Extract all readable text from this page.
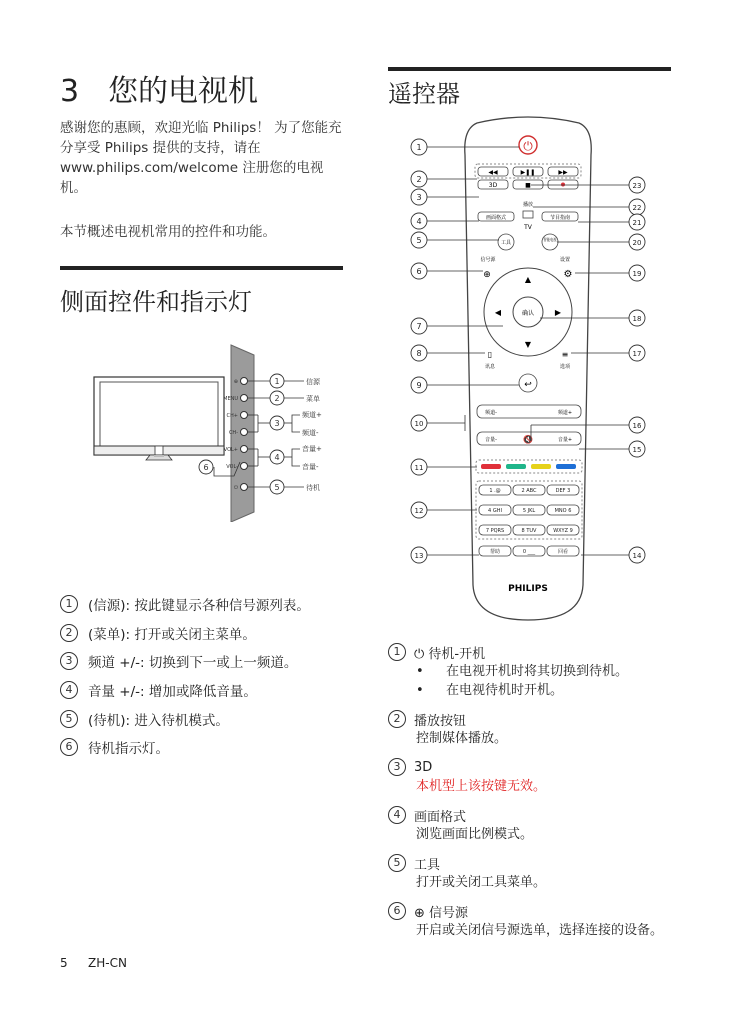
3 您的电视机
感谢您的惠顾，欢迎光临 Philips！ 为了您能充分享受 Philips 提供的支持，请在 www.philips.com/welcome 注册您的电视机。
本节概述电视机常用的控件和功能。
侧面控件和指示灯
⊕
MENU
CH+
CH-
VOL+
VOL-
⏻
1
2
3
4
5
6
信源
菜单
频道+
频道-
音量+
音量-
待机
1	(信源): 按此键显示各种信号源列表。
2	(菜单): 打开或关闭主菜单。
3	频道 +/-: 切换到下一或上一频道。
4	音量 +/-: 增加或降低音量。
5	(待机): 进入待机模式。
6	待机指示灯。
遥控器
⏻
◀◀	▶❚❚	▶▶
3D	■
播放
画面格式	节目指南
TV
工具
智能电视
信号源	设置
⊕	⚙
确认
▲
▼
◀	▶
▯	≡
讯息	选项
↩
频道-	频道+
音量-	音量+
🔇
1 .@	2 ABC	DEF 3
4 GHI	5 JKL	MNO 6
7 PQRS	8 TUV	WXYZ 9
帮助	0 ___	回看
PHILIPS
1
2
3
4
5
6
7
8
9
10
11
12
13
23
22
21
20
19
18
17
16
15
14
1	⏻ 待机-开机
• 在电视开机时将其切换到待机。
• 在电视待机时开机。
2	播放按钮
控制媒体播放。
3	3D
本机型上该按键无效。
4	画面格式
浏览画面比例模式。
5	工具
打开或关闭工具菜单。
6	⊕ 信号源
开启或关闭信号源选单，选择连接的设备。
5 ZH-CN
